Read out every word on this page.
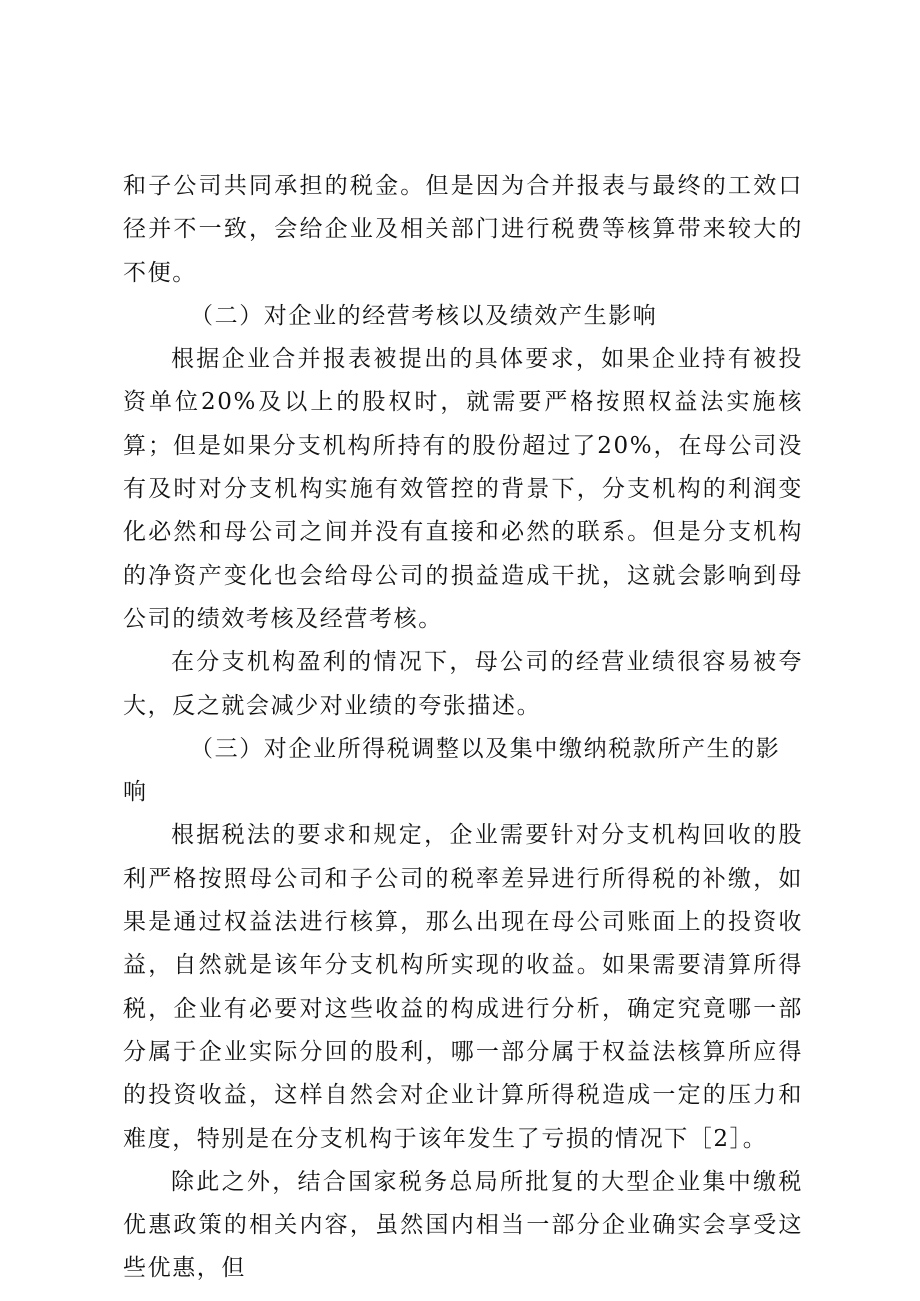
和子公司共同承担的税金。但是因为合并报表与最终的工效口径并不一致，会给企业及相关部门进行税费等核算带来较大的不便。

（二）对企业的经营考核以及绩效产生影响

根据企业合并报表被提出的具体要求，如果企业持有被投资单位20%及以上的股权时，就需要严格按照权益法实施核算；但是如果分支机构所持有的股份超过了20%，在母公司没有及时对分支机构实施有效管控的背景下，分支机构的利润变化必然和母公司之间并没有直接和必然的联系。但是分支机构的净资产变化也会给母公司的损益造成干扰，这就会影响到母公司的绩效考核及经营考核。

在分支机构盈利的情况下，母公司的经营业绩很容易被夸大，反之就会减少对业绩的夸张描述。

（三）对企业所得税调整以及集中缴纳税款所产生的影响

根据税法的要求和规定，企业需要针对分支机构回收的股利严格按照母公司和子公司的税率差异进行所得税的补缴，如果是通过权益法进行核算，那么出现在母公司账面上的投资收益，自然就是该年分支机构所实现的收益。如果需要清算所得税，企业有必要对这些收益的构成进行分析，确定究竟哪一部分属于企业实际分回的股利，哪一部分属于权益法核算所应得的投资收益，这样自然会对企业计算所得税造成一定的压力和难度，特别是在分支机构于该年发生了亏损的情况下［2］。

除此之外，结合国家税务总局所批复的大型企业集中缴税优惠政策的相关内容，虽然国内相当一部分企业确实会享受这些优惠，但
